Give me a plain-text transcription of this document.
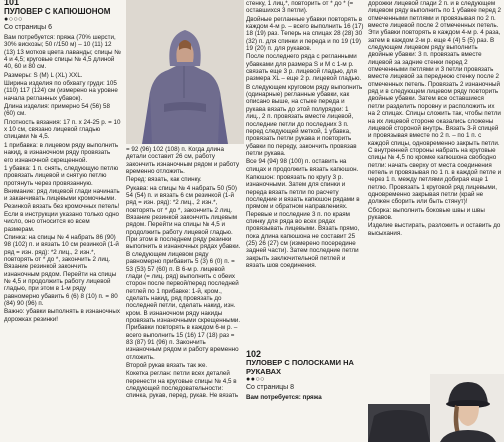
101
ПУЛОВЕР С КАПЮШОНОМ
●○○○
Со страницы 6

Вам потребуется: пряжа (70% шерсти, 30% вискозы; 50 г/150 м) – 10 (11) 12 (13) 13 мотков цвета лаванды; спицы № 4 и 4,5; круговые спицы № 4,5 длиной 40, 60 и 80 см.

Размеры: S (M) L (XL) XXL.

Ширина изделия по обхвату груди: 105 (110) 117 (124) см (измерено на уровне начала регланных убавок).

Длина изделия: примерно 54 (56) 58 (60) см.

Плотность вязания: 17 п. х 24-25 р. = 10 х 10 см, связано лицевой гладью спицами № 4,5.

1 прибавка: в лицевом ряду выполнить накид, в изнаночном ряду провязать его изнаночной скрещенной.

1 убавка: 1 п. снять, следующую петлю провязать лицевой и снятую петлю протянуть через провязанную.

Внимание: ряд лицевой глади начинать и заканчивать лицевыми кромочными. Резинкой вязать без кромочных петель!

Если в инструкции указано только одно число, оно относится ко всем размерам.

Спинка: на спицы № 4 набрать 86 (90) 98 (102) п. и вязать 10 см резинкой (1-й ряд = изн. ряд): *2 лиц., 2 изн.*, повторять от * до *, закончить 2 лиц. Вязание резинкой закончить изнаночным рядом. Перейти на спицы № 4,5 и продолжить работу лицевой гладью, при этом в 1-м ряду равномерно убавить 6 (6) 8 (10) п. = 80 (84) 90 (96) п.

Важно: убавки выполнять в изнаночных дорожках резинки!

= 92 (96) 102 (108) п. Когда длина детали составит 26 см, работу закончить изнаночным рядом и работу временно отложить.

Перед: вязать, как спинку.

Рукава: на спицы № 4 набрать 50 (50) 54 (54) п. и вязать 6 см резинкой (1-й ряд = изн. ряд): *2 лиц., 2 изн.*, повторять от * до *, закончить 2 лиц. Вязание резинкой закончить лицевым рядом. Перейти на спицы № 4,5 и продолжить работу лицевой гладью. При этом в последнем ряду резинки выполнить в изнаночных рядах убавки. В следующем лицевом ряду равномерно прибавить 5 (3) 6 (0) п. = 53 (53) 57 (60) п. В 6-м р. лицевой глади (= лиц. ряд) выполнить с обеих сторон после первой/перед последней петлей по 1 прибавке: 1-й, кром., сделать накид, ряд провязать до последней петли, сделать накид, изн. кром. В изнаночном ряду накиды провязать изнаночными скрещенными. Прибавки повторять в каждом 6-м р. – всего выполнить 15 (16) 17 (18) раз = 83 (87) 91 (96) п. Закончить изнаночным рядом и работу временно отложить.

Второй рукав вязать так же.

Кокетка реглан: петли всех деталей перенести на круговые спицы № 4,5 в следующей последовательности: спинка, рукав, перед, рукав. Не вязать

стенку, 1 лиц.*, повторить от * до * (= оставшихся 3 петли).

Двойные регланные убавки повторять в каждом 4-м р. – всего выполнить 16 (17) 18 (19) раз. Теперь на спицах 28 (28) 30 (32) п. для спинки и переда и по 19 (19) 19 (20) п. для рукавов.

После последнего ряда с регланными убавками для размера S и M с 1-м р. связать еще 3 р. лицевой гладью, для размера XL – еще 2 р. лицевой гладью.

В следующем круговом ряду выполнить (одинарные) регланные убавки, как описано выше, на стыке переда и рукава вязать до этой полурядки: 1 лиц., 2 п. провязать вместе лицевой, последние петли до последних 3 п. перед следующей меткой, 1 убавка, провязать петли рукава и повторить убавки по переду, закончить провязав петли рукава.

Все 94 (94) 98 (100) п. оставить на спицах и продолжить вязать капюшон.

Капюшон: провязать по кругу 3 р. изнаночными. Затем для спинки и переда вязать петли по расчету последние и вязать капюшон рядами в прямом и обратном направлениях. Перевые и последние 3 п. по краям спинку для ряда во всех рядах провязывать лицевыми. Вязать прямо, пока длина капюшона не составит 25 (25) 26 (27) см (измерено посередине задней части). Затем последние петли закрыть заключительной петлей и вязать шов соединения.

102
ПУЛОВЕР С ПОЛОСКАМИ НА РУКАВАХ
●●○○
Со страницы 8
Вам потребуется: пряжа

дорожки лицевой глади 2 п. и в следующем лицевом ряду выполнить по 1 убавке перед 2 отмеченными петлями и провязывая по 2 п. вместе лицевой после 2 отмеченных петель. Эти убавки повторять в каждом 4-м р. 4 раза, затем в каждом 2-м р. еще 4 (4) 5 (5) раз. В следующем лицевом ряду выполнить двойные убавки: 3 п. провязать вместе лицевой за задние стенки перед 2 отмеченными петлями и 3 петли провязать вместе лицевой за переднюю стенку после 2 отмеченных петель. Провязать 2 изнаночный ряд и в следующем лицевом ряду повторить двойные убавки. Затем все оставшиеся петли разделить поровну и расположить их на 2 спицах. Спицы сложить так, чтобы петли на их лицевой стороне оказались сложены лицевой стороной внутрь. Вязать 3-й спицей и провязывая вместе по 2 п. – по 1 п. с каждой спицы, одновременно закрыть петли. С внутренней стороны набрать на круговые спицы № 4,5 по кромке капюшона свободно петли: начать сверху от места соединения петель и провязывая по 1 п. в каждой петле и через 1 п. между петлями добирая еще 1 петлю. Провязать 1 круговой ряд лицевыми, одновременно закрывая петли (край не должен сборить или быть стянут)!

Сборка: выполнить боковые швы и швы рукавов.

Изделие выстирать, разложить и оставить до высыхания.
